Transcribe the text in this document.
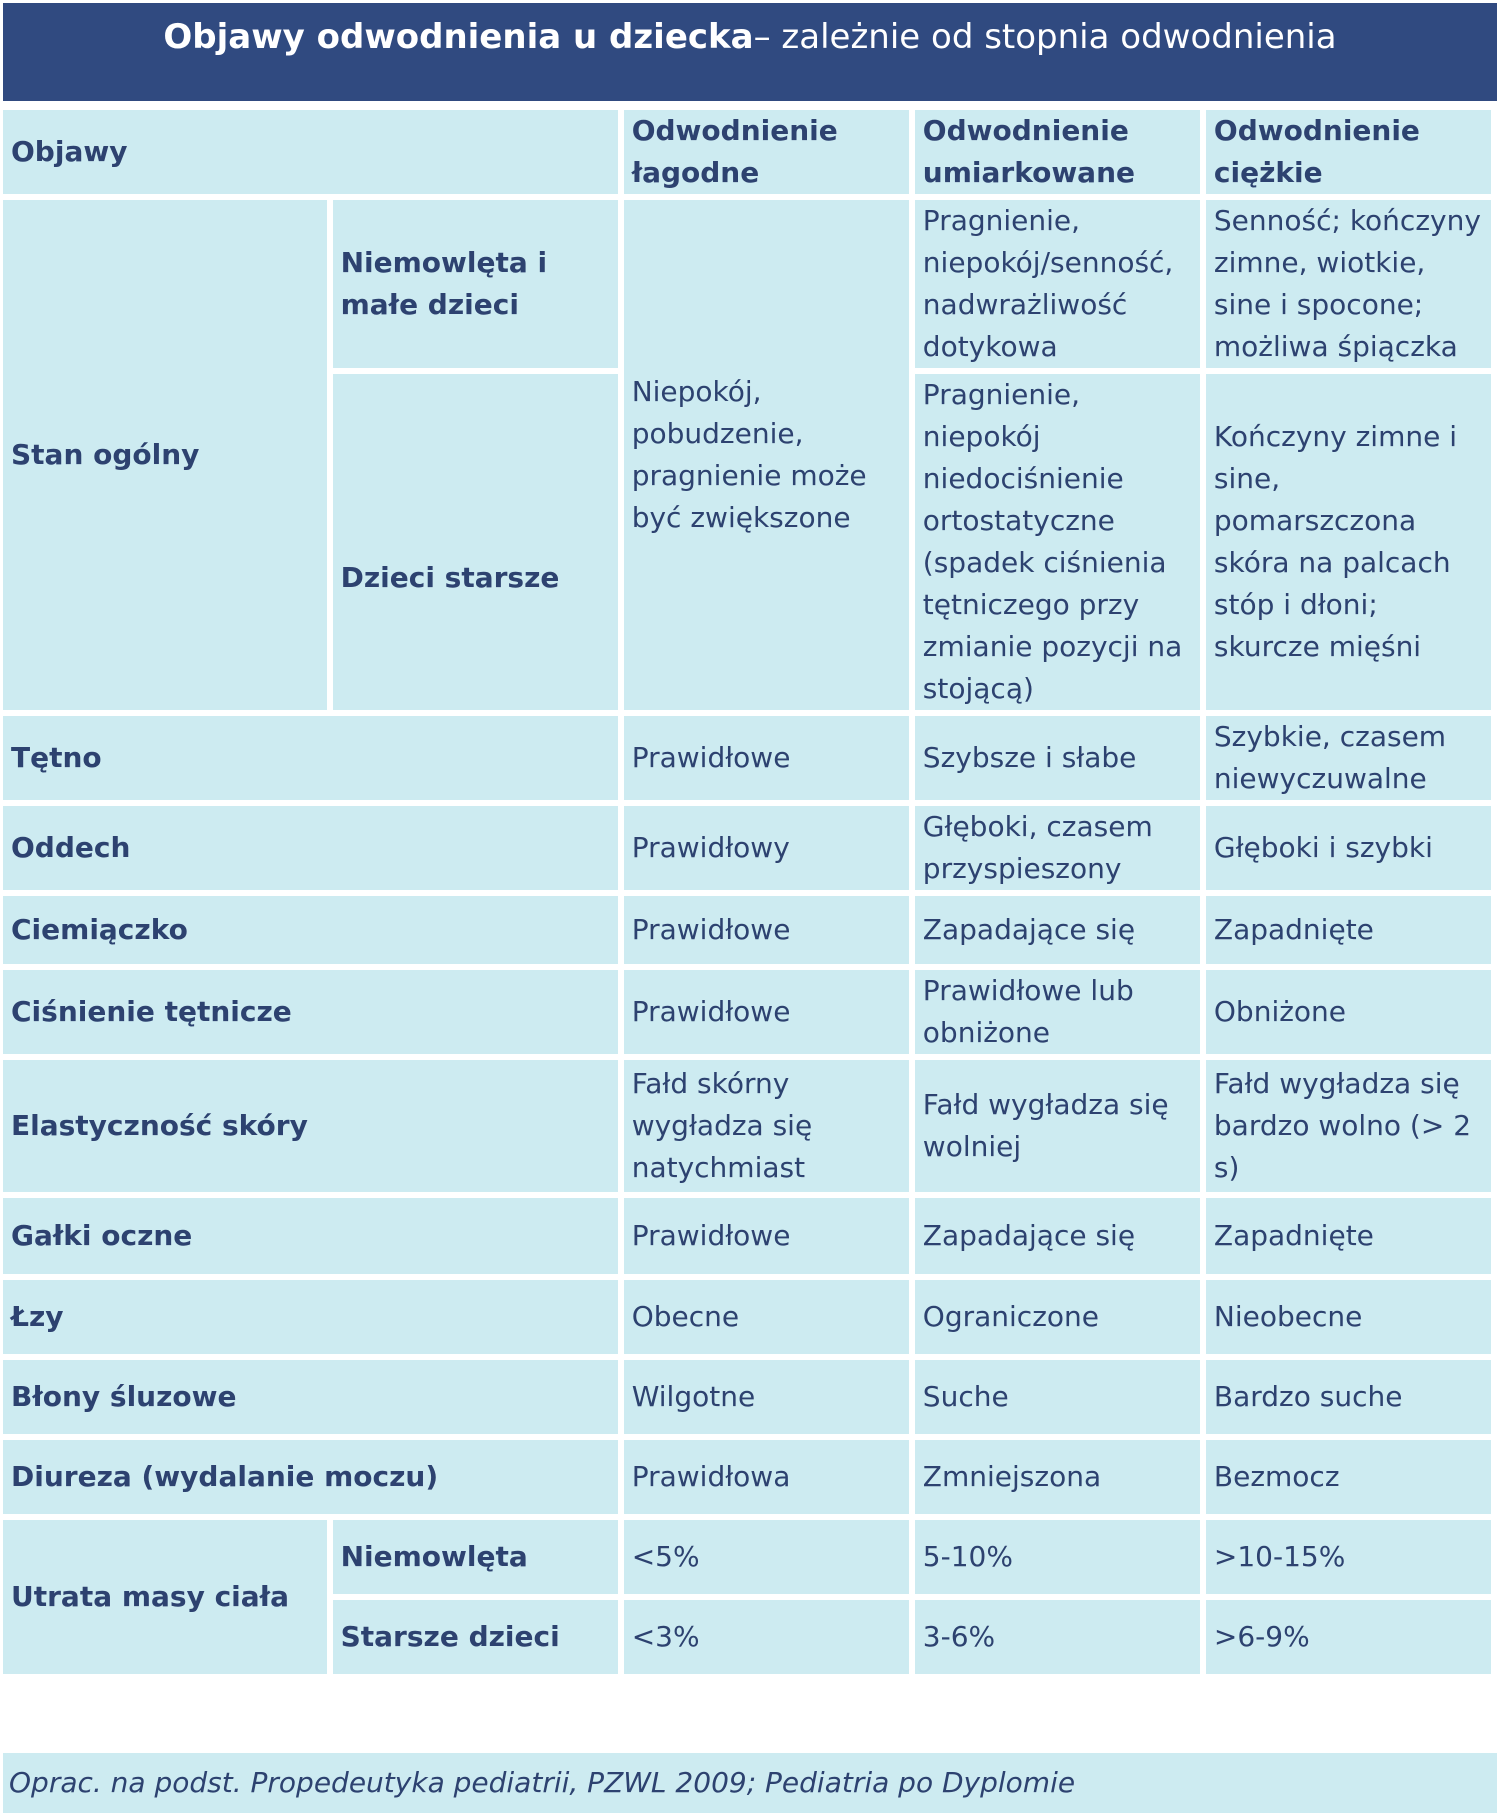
Objawy odwodnienia u dziecka – zależnie od stopnia odwodnienia
Objawy		Odwodnienie łagodne	Odwodnienie umiarkowane	Odwodnienie ciężkie
Stan ogólny	Niemowlęta i małe dzieci	Niepokój, pobudzenie, pragnienie może być zwiększone	Pragnienie, niepokój/senność, nadwrażliwość dotykowa	Senność; kończyny zimne, wiotkie, sine i spocone; możliwa śpiączka
	Dzieci starsze		Pragnienie, niepokój niedociśnienie ortostatyczne (spadek ciśnienia tętniczego przy zmianie pozycji na stojącą)	Kończyny zimne i sine, pomarszczona skóra na palcach stóp i dłoni; skurcze mięśni
Tętno		Prawidłowe	Szybsze i słabe	Szybkie, czasem niewyczuwalne
Oddech		Prawidłowy	Głęboki, czasem przyspieszony	Głęboki i szybki
Ciemiączko		Prawidłowe	Zapadające się	Zapadnięte
Ciśnienie tętnicze		Prawidłowe	Prawidłowe lub obniżone	Obniżone
Elastyczność skóry		Fałd skórny wygładza się natychmiast	Fałd wygładza się wolniej	Fałd wygładza się bardzo wolno (> 2 s)
Gałki oczne		Prawidłowe	Zapadające się	Zapadnięte
Łzy		Obecne	Ograniczone	Nieobecne
Błony śluzowe		Wilgotne	Suche	Bardzo suche
Diureza (wydalanie moczu)		Prawidłowa	Zmniejszona	Bezmocz
Utrata masy ciała	Niemowlęta	<5%	5-10%	>10-15%
	Starsze dzieci	<3%	3-6%	>6-9%
Oprac. na podst. Propedeutyka pediatrii, PZWL 2009; Pediatria po Dyplomie
